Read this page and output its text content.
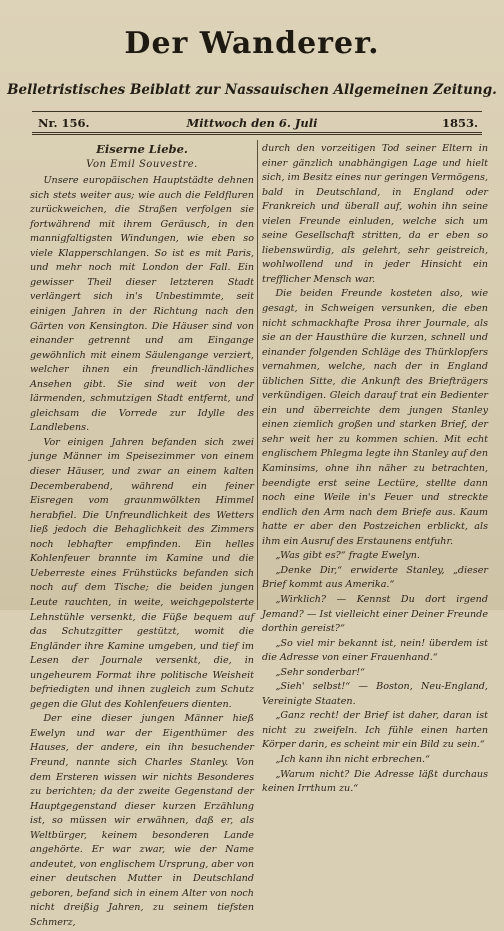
Der Wanderer.
Belletristisches Beiblatt zur Nassauischen Allgemeinen Zeitung.
Nr. 156.	Mittwoch den 6. Juli	1853.
Eiserne Liebe.
Von Emil Souvestre.

Unsere europäischen Hauptstädte dehnen sich stets weiter aus; wie auch die Feldfluren zurückweichen, die Straßen verfolgen sie fortwährend mit ihrem Geräusch, in den mannigfaltigsten Windungen, wie eben so viele Klapperschlangen. So ist es mit Paris, und mehr noch mit London der Fall. Ein gewisser Theil dieser letzteren Stadt verlängert sich in's Unbestimmte, seit einigen Jahren in der Richtung nach den Gärten von Kensington. Die Häuser sind von einander getrennt und am Eingange gewöhnlich mit einem Säulengange verziert, welcher ihnen ein freundlich-ländliches Ansehen gibt. Sie sind weit von der lärmenden, schmutzigen Stadt entfernt, und gleichsam die Vorrede zur Idylle des Landlebens.

Vor einigen Jahren befanden sich zwei junge Männer im Speisezimmer von einem dieser Häuser, und zwar an einem kalten Decemberabend, während ein feiner Eisregen vom graunmwölkten Himmel herabfiel. Die Unfreundlichkeit des Wetters ließ jedoch die Behaglichkeit des Zimmers noch lebhafter empfinden. Ein helles Kohlenfeuer brannte im Kamine und die Ueberreste eines Frühstücks befanden sich noch auf dem Tische; die beiden jungen Leute rauchten, in weite, weichgepolsterte Lehnstühle versenkt, die Füße bequem auf das Schutzgitter gestützt, womit die Engländer ihre Kamine umgeben, und tief im Lesen der Journale versenkt, die, in ungeheurem Format ihre politische Weisheit befriedigten und ihnen zugleich zum Schutz gegen die Glut des Kohlenfeuers dienten.

Der eine dieser jungen Männer hieß Ewelyn und war der Eigenthümer des Hauses, der andere, ein ihn besuchender Freund, nannte sich Charles Stanley. Von dem Ersteren wissen wir nichts Besonderes zu berichten; da der zweite Gegenstand der Hauptgegenstand dieser kurzen Erzählung ist, so müssen wir erwähnen, daß er, als Weltbürger, keinem besonderen Lande angehörte. Er war zwar, wie der Name andeutet, von englischem Ursprung, aber von einer deutschen Mutter in Deutschland geboren, befand sich in einem Alter von noch nicht dreißig Jahren, zu seinem tiefsten Schmerz,

durch den vorzeitigen Tod seiner Eltern in einer gänzlich unabhängigen Lage und hielt sich, im Besitz eines nur geringen Vermögens, bald in Deutschland, in England oder Frankreich und überall auf, wohin ihn seine vielen Freunde einluden, welche sich um seine Gesellschaft stritten, da er eben so liebenswürdig, als gelehrt, sehr geistreich, wohlwollend und in jeder Hinsicht ein trefflicher Mensch war.

Die beiden Freunde kosteten also, wie gesagt, in Schweigen versunken, die eben nicht schmackhafte Prosa ihrer Journale, als sie an der Hausthüre die kurzen, schnell und einander folgenden Schläge des Thürklopfers vernahmen, welche, nach der in England üblichen Sitte, die Ankunft des Briefträgers verkündigen. Gleich darauf trat ein Bedienter ein und überreichte dem jungen Stanley einen ziemlich großen und starken Brief, der sehr weit her zu kommen schien. Mit echt englischem Phlegma legte ihn Stanley auf den Kaminsims, ohne ihn näher zu betrachten, beendigte erst seine Lectüre, stellte dann noch eine Weile in's Feuer und streckte endlich den Arm nach dem Briefe aus. Kaum hatte er aber den Postzeichen erblickt, als ihm ein Ausruf des Erstaunens entfuhr.

„Was gibt es?“ fragte Ewelyn.

„Denke Dir,“ erwiderte Stanley, „dieser Brief kommt aus Amerika.“

„Wirklich? — Kennst Du dort irgend Jemand? — Ist vielleicht einer Deiner Freunde dorthin gereist?“

„So viel mir bekannt ist, nein! überdem ist die Adresse von einer Frauenhand.“

„Sehr sonderbar!“

„Sieh' selbst!“ — Boston, Neu-England, Vereinigte Staaten.

„Ganz recht! der Brief ist daher, daran ist nicht zu zweifeln. Ich fühle einen harten Körper darin, es scheint mir ein Bild zu sein.“

„Ich kann ihn nicht erbrechen.“

„Warum nicht? Die Adresse läßt durchaus keinen Irrthum zu.“
